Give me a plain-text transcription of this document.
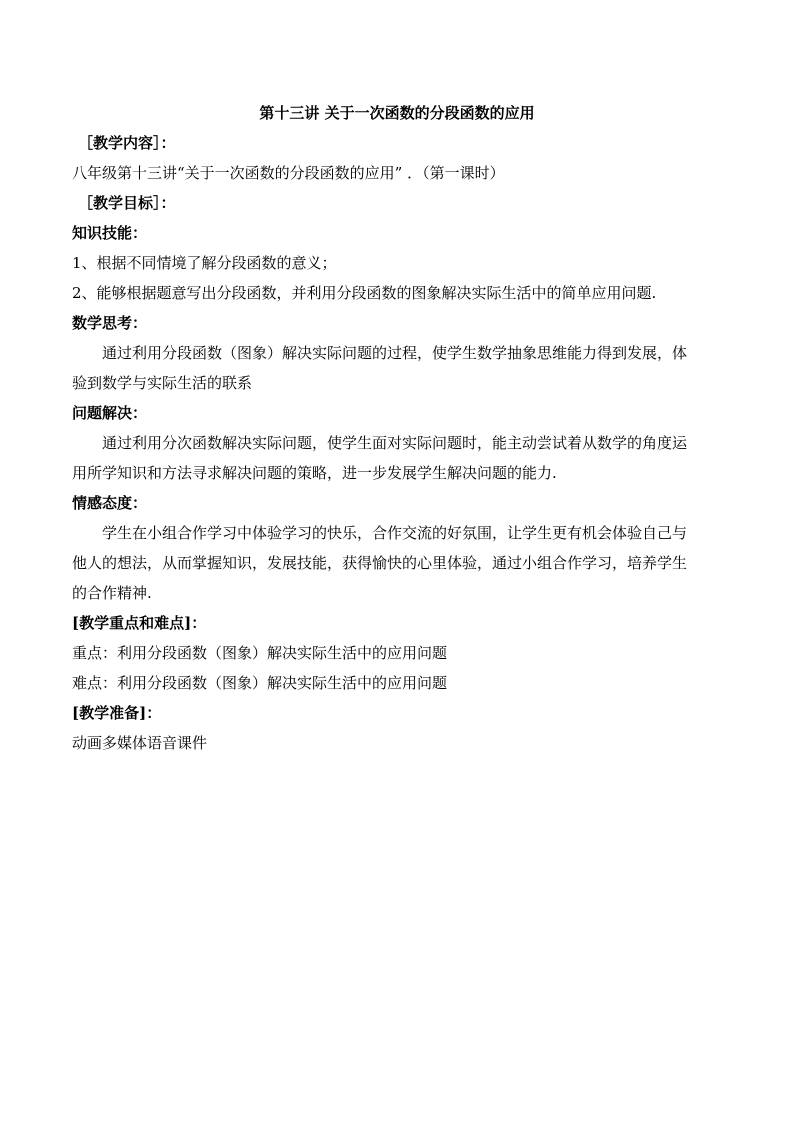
第十三讲 关于一次函数的分段函数的应用
［教学内容］：
八年级第十三讲“关于一次函数的分段函数的应用” ．（第一课时）
［教学目标］：
知识技能：
1、根据不同情境了解分段函数的意义；
2、能够根据题意写出分段函数，并利用分段函数的图象解决实际生活中的简单应用问题.
数学思考：
通过利用分段函数（图象）解决实际问题的过程，使学生数学抽象思维能力得到发展，体
验到数学与实际生活的联系
问题解决：
通过利用分次函数解决实际问题，使学生面对实际问题时，能主动尝试着从数学的角度运
用所学知识和方法寻求解决问题的策略，进一步发展学生解决问题的能力.
情感态度：
学生在小组合作学习中体验学习的快乐，合作交流的好氛围，让学生更有机会体验自己与
他人的想法，从而掌握知识，发展技能，获得愉快的心里体验，通过小组合作学习，培养学生
的合作精神.
[教学重点和难点]：
重点：利用分段函数（图象）解决实际生活中的应用问题
难点：利用分段函数（图象）解决实际生活中的应用问题
[教学准备]：
动画多媒体语音课件
